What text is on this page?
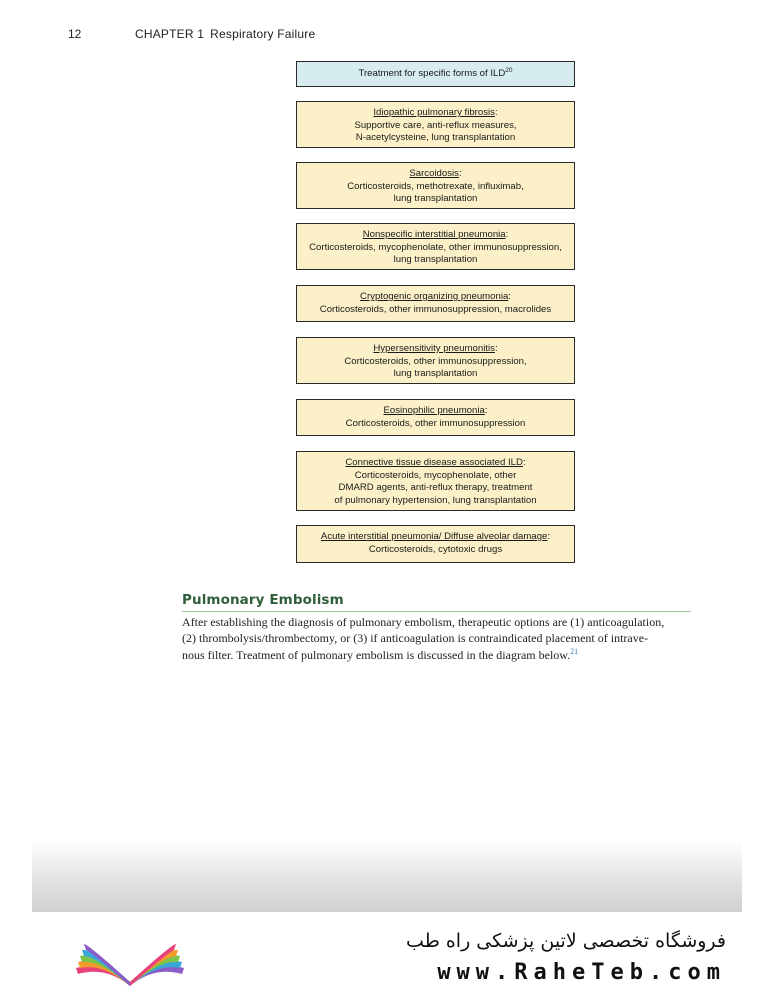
12	CHAPTER 1 Respiratory Failure
Treatment for specific forms of ILD$^{20}$
Idiopathic pulmonary fibrosis:
Supportive care, anti-reflux measures,
N-acetylcysteine, lung transplantation
Sarcoidosis:
Corticosteroids, methotrexate, influximab,
lung transplantation
Nonspecific interstitial pneumonia:
Corticosteroids, mycophenolate, other immunosuppression,
lung transplantation
Cryptogenic organizing pneumonia:
Corticosteroids, other immunosuppression, macrolides
Hypersensitivity pneumonitis:
Corticosteroids, other immunosuppression,
lung transplantation
Eosinophilic pneumonia:
Corticosteroids, other immunosuppression
Connective tissue disease associated ILD:
Corticosteroids, mycophenolate, other
DMARD agents, anti-reflux therapy, treatment
of pulmonary hypertension, lung transplantation
Acute interstitial pneumonia/ Diffuse alveolar damage:
Corticosteroids, cytotoxic drugs
Pulmonary Embolism
After establishing the diagnosis of pulmonary embolism, therapeutic options are (1) anticoagulation,
(2) thrombolysis/thrombectomy, or (3) if anticoagulation is contraindicated placement of intrave-
nous filter. Treatment of pulmonary embolism is discussed in the diagram below.$^{21}$
فروشگاه تخصصی لاتین پزشکی راه طب
www.RaheTeb.com
